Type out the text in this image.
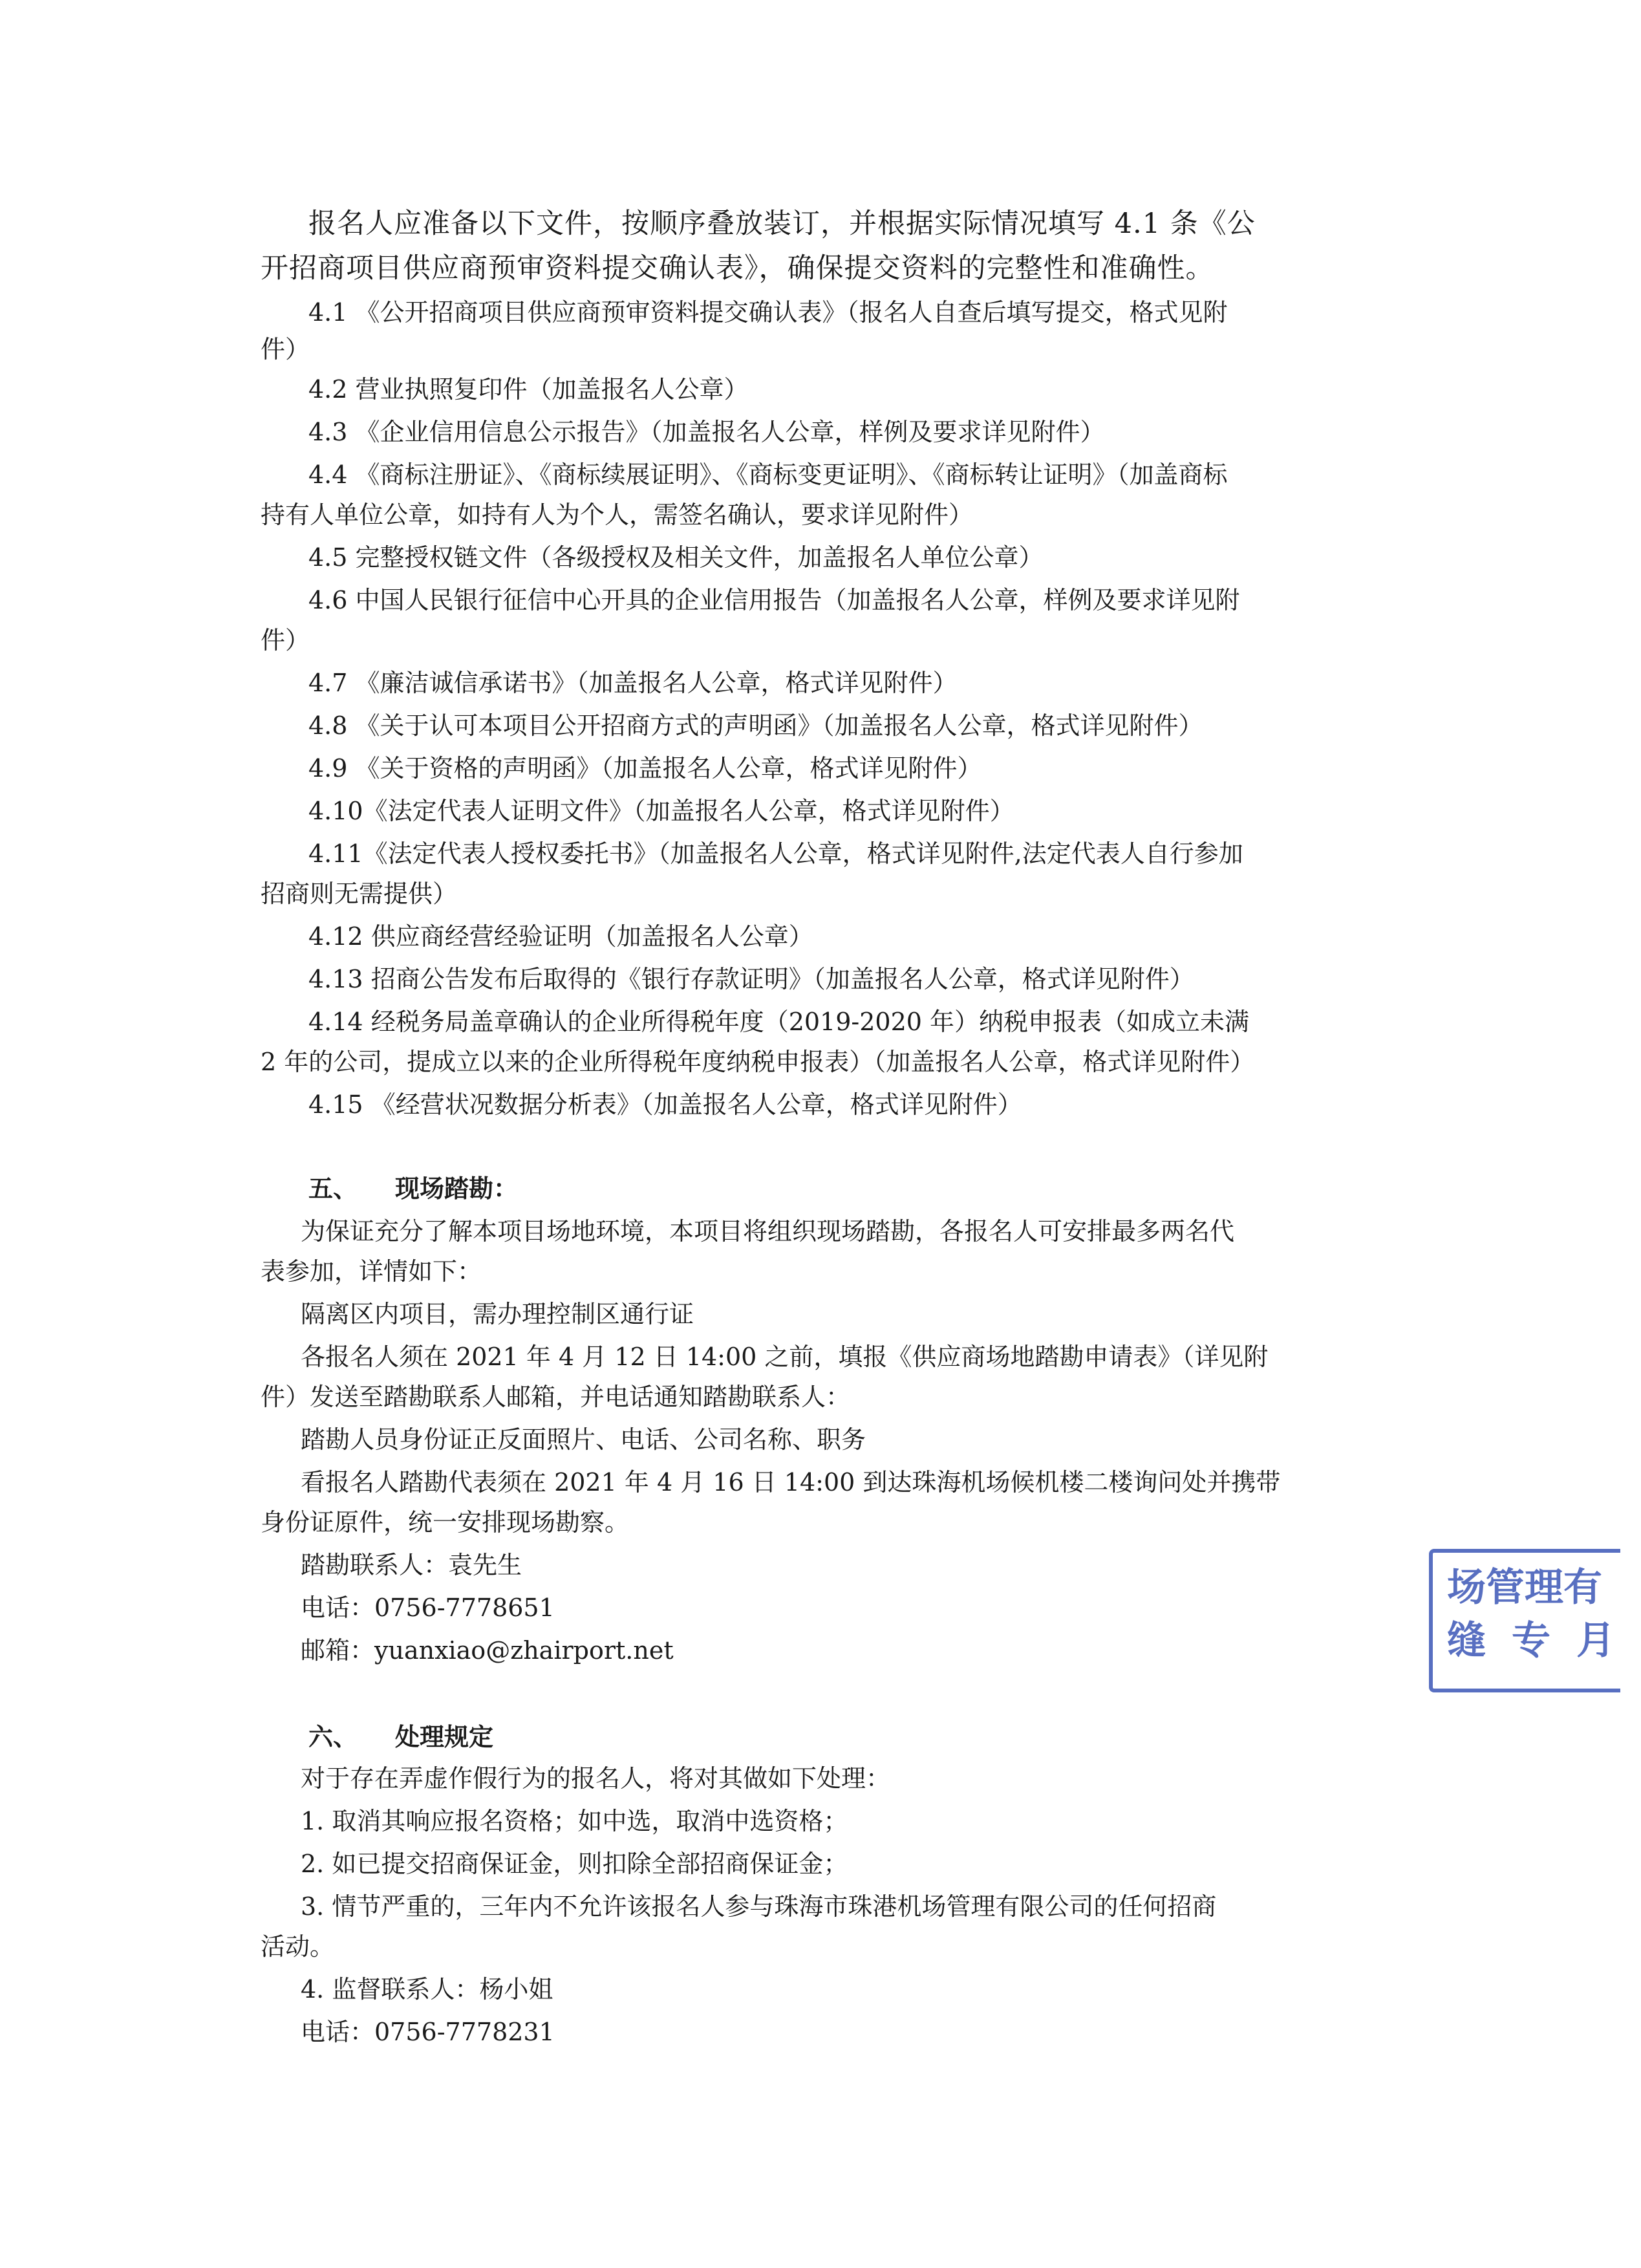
报名人应准备以下文件，按顺序叠放装订，并根据实际情况填写 4.1 条《公
开招商项目供应商预审资料提交确认表》，确保提交资料的完整性和准确性。
4.1 《公开招商项目供应商预审资料提交确认表》（报名人自查后填写提交，格式见附
件）
4.2 营业执照复印件（加盖报名人公章）
4.3 《企业信用信息公示报告》（加盖报名人公章，样例及要求详见附件）
4.4 《商标注册证》、《商标续展证明》、《商标变更证明》、《商标转让证明》（加盖商标
持有人单位公章，如持有人为个人，需签名确认，要求详见附件）
4.5 完整授权链文件（各级授权及相关文件，加盖报名人单位公章）
4.6 中国人民银行征信中心开具的企业信用报告（加盖报名人公章，样例及要求详见附
件）
4.7 《廉洁诚信承诺书》（加盖报名人公章，格式详见附件）
4.8 《关于认可本项目公开招商方式的声明函》（加盖报名人公章，格式详见附件）
4.9 《关于资格的声明函》（加盖报名人公章，格式详见附件）
4.10《法定代表人证明文件》（加盖报名人公章，格式详见附件）
4.11《法定代表人授权委托书》（加盖报名人公章，格式详见附件,法定代表人自行参加
招商则无需提供）
4.12 供应商经营经验证明（加盖报名人公章）
4.13 招商公告发布后取得的《银行存款证明》（加盖报名人公章，格式详见附件）
4.14 经税务局盖章确认的企业所得税年度（2019-2020 年）纳税申报表（如成立未满
2 年的公司，提成立以来的企业所得税年度纳税申报表）（加盖报名人公章，格式详见附件）
4.15 《经营状况数据分析表》（加盖报名人公章，格式详见附件）
五、 现场踏勘：
为保证充分了解本项目场地环境，本项目将组织现场踏勘，各报名人可安排最多两名代
表参加，详情如下：
隔离区内项目，需办理控制区通行证
各报名人须在 2021 年 4 月 12 日 14:00 之前，填报《供应商场地踏勘申请表》（详见附
件）发送至踏勘联系人邮箱，并电话通知踏勘联系人：
踏勘人员身份证正反面照片、电话、公司名称、职务
看报名人踏勘代表须在 2021 年 4 月 16 日 14:00 到达珠海机场候机楼二楼询问处并携带
身份证原件，统一安排现场勘察。
踏勘联系人：袁先生
电话：0756-7778651
邮箱：yuanxiao@zhairport.net
六、 处理规定
对于存在弄虚作假行为的报名人，将对其做如下处理：
1. 取消其响应报名资格；如中选，取消中选资格；
2. 如已提交招商保证金，则扣除全部招商保证金；
3. 情节严重的，三年内不允许该报名人参与珠海市珠港机场管理有限公司的任何招商
活动。
4. 监督联系人：杨小姐
电话：0756-7778231
场管理有
缝专月
